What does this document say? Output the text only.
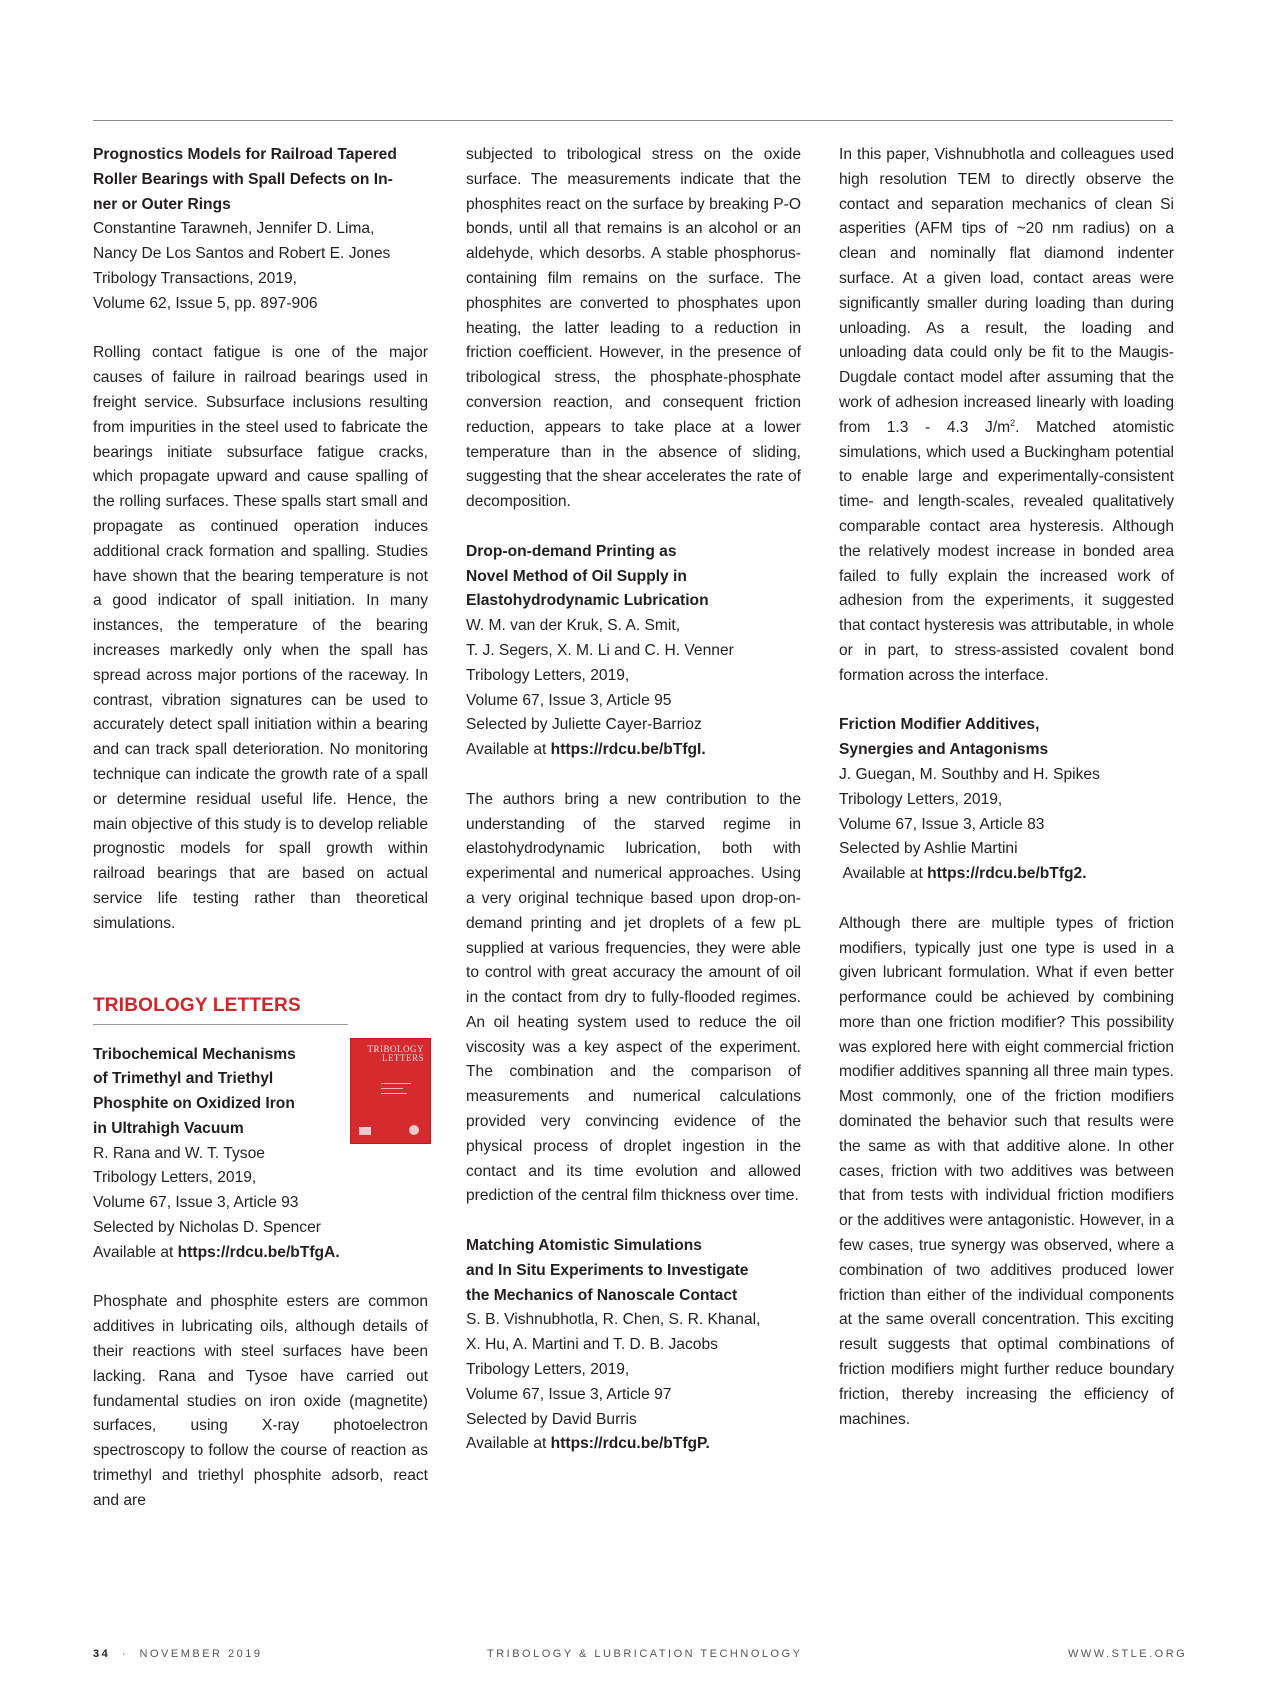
Prognostics Models for Railroad Tapered
Roller Bearings with Spall Defects on In-
ner or Outer Rings
Constantine Tarawneh, Jennifer D. Lima,
Nancy De Los Santos and Robert E. Jones
Tribology Transactions, 2019,
Volume 62, Issue 5, pp. 897-906

Rolling contact fatigue is one of the major causes of failure in railroad bearings used in freight service. Subsurface inclusions resulting from impurities in the steel used to fabricate the bearings initiate subsurface fatigue cracks, which propagate upward and cause spalling of the rolling surfaces. These spalls start small and propagate as continued operation induces additional crack formation and spalling. Studies have shown that the bearing temperature is not a good indicator of spall initiation. In many instances, the temperature of the bearing increases markedly only when the spall has spread across major portions of the raceway. In contrast, vibration signatures can be used to accurately detect spall initiation within a bearing and can track spall deterioration. No monitoring technique can indicate the growth rate of a spall or determine residual useful life. Hence, the main objective of this study is to develop reliable prognostic models for spall growth within railroad bearings that are based on actual service life testing rather than theoretical simulations.

TRIBOLOGY LETTERS
Tribochemical Mechanisms
of Trimethyl and Triethyl
Phosphite on Oxidized Iron
in Ultrahigh Vacuum
R. Rana and W. T. Tysoe
Tribology Letters, 2019,
Volume 67, Issue 3, Article 93
Selected by Nicholas D. Spencer
Available at https://rdcu.be/bTfgA.

Phosphate and phosphite esters are common additives in lubricating oils, although details of their reactions with steel surfaces have been lacking. Rana and Tysoe have carried out fundamental studies on iron oxide (magnetite) surfaces, using X-ray photoelectron spectroscopy to follow the course of reaction as trimethyl and triethyl phosphite adsorb, react and are

TRIBOLOGY
LETTERS

subjected to tribological stress on the oxide surface. The measurements indicate that the phosphites react on the surface by breaking P-O bonds, until all that remains is an alcohol or an aldehyde, which desorbs. A stable phosphorus-containing film remains on the surface. The phosphites are converted to phosphates upon heating, the latter leading to a reduction in friction coefficient. However, in the presence of tribological stress, the phosphate-phosphate conversion reaction, and consequent friction reduction, appears to take place at a lower temperature than in the absence of sliding, suggesting that the shear accelerates the rate of decomposition.

Drop-on-demand Printing as
Novel Method of Oil Supply in
Elastohydrodynamic Lubrication
W. M. van der Kruk, S. A. Smit,
T. J. Segers, X. M. Li and C. H. Venner
Tribology Letters, 2019,
Volume 67, Issue 3, Article 95
Selected by Juliette Cayer-Barrioz
Available at https://rdcu.be/bTfgI.

The authors bring a new contribution to the understanding of the starved regime in elastohydrodynamic lubrication, both with experimental and numerical approaches. Using a very original technique based upon drop-on-demand printing and jet droplets of a few pL supplied at various frequencies, they were able to control with great accuracy the amount of oil in the contact from dry to fully-flooded regimes. An oil heating system used to reduce the oil viscosity was a key aspect of the experiment. The combination and the comparison of measurements and numerical calculations provided very convincing evidence of the physical process of droplet ingestion in the contact and its time evolution and allowed prediction of the central film thickness over time.

Matching Atomistic Simulations
and In Situ Experiments to Investigate
the Mechanics of Nanoscale Contact
S. B. Vishnubhotla, R. Chen, S. R. Khanal,
X. Hu, A. Martini and T. D. B. Jacobs
Tribology Letters, 2019,
Volume 67, Issue 3, Article 97
Selected by David Burris
Available at https://rdcu.be/bTfgP.

In this paper, Vishnubhotla and colleagues used high resolution TEM to directly observe the contact and separation mechanics of clean Si asperities (AFM tips of ~20 nm radius) on a clean and nominally flat diamond indenter surface. At a given load, contact areas were significantly smaller during loading than during unloading. As a result, the loading and unloading data could only be fit to the Maugis-Dugdale contact model after assuming that the work of adhesion increased linearly with loading from 1.3 - 4.3 $J/m^2$. Matched atomistic simulations, which used a Buckingham potential to enable large and experimentally-consistent time- and length-scales, revealed qualitatively comparable contact area hysteresis. Although the relatively modest increase in bonded area failed to fully explain the increased work of adhesion from the experiments, it suggested that contact hysteresis was attributable, in whole or in part, to stress-assisted covalent bond formation across the interface.

Friction Modifier Additives,
Synergies and Antagonisms
J. Guegan, M. Southby and H. Spikes
Tribology Letters, 2019,
Volume 67, Issue 3, Article 83
Selected by Ashlie Martini
Available at https://rdcu.be/bTfg2.

Although there are multiple types of friction modifiers, typically just one type is used in a given lubricant formulation. What if even better performance could be achieved by combining more than one friction modifier? This possibility was explored here with eight commercial friction modifier additives spanning all three main types. Most commonly, one of the friction modifiers dominated the behavior such that results were the same as with that additive alone. In other cases, friction with two additives was between that from tests with individual friction modifiers or the additives were antagonistic. However, in a few cases, true synergy was observed, where a combination of two additives produced lower friction than either of the individual components at the same overall concentration. This exciting result suggests that optimal combinations of friction modifiers might further reduce boundary friction, thereby increasing the efficiency of machines.

34 · NOVEMBER 2019	TRIBOLOGY & LUBRICATION TECHNOLOGY	WWW.STLE.ORG
